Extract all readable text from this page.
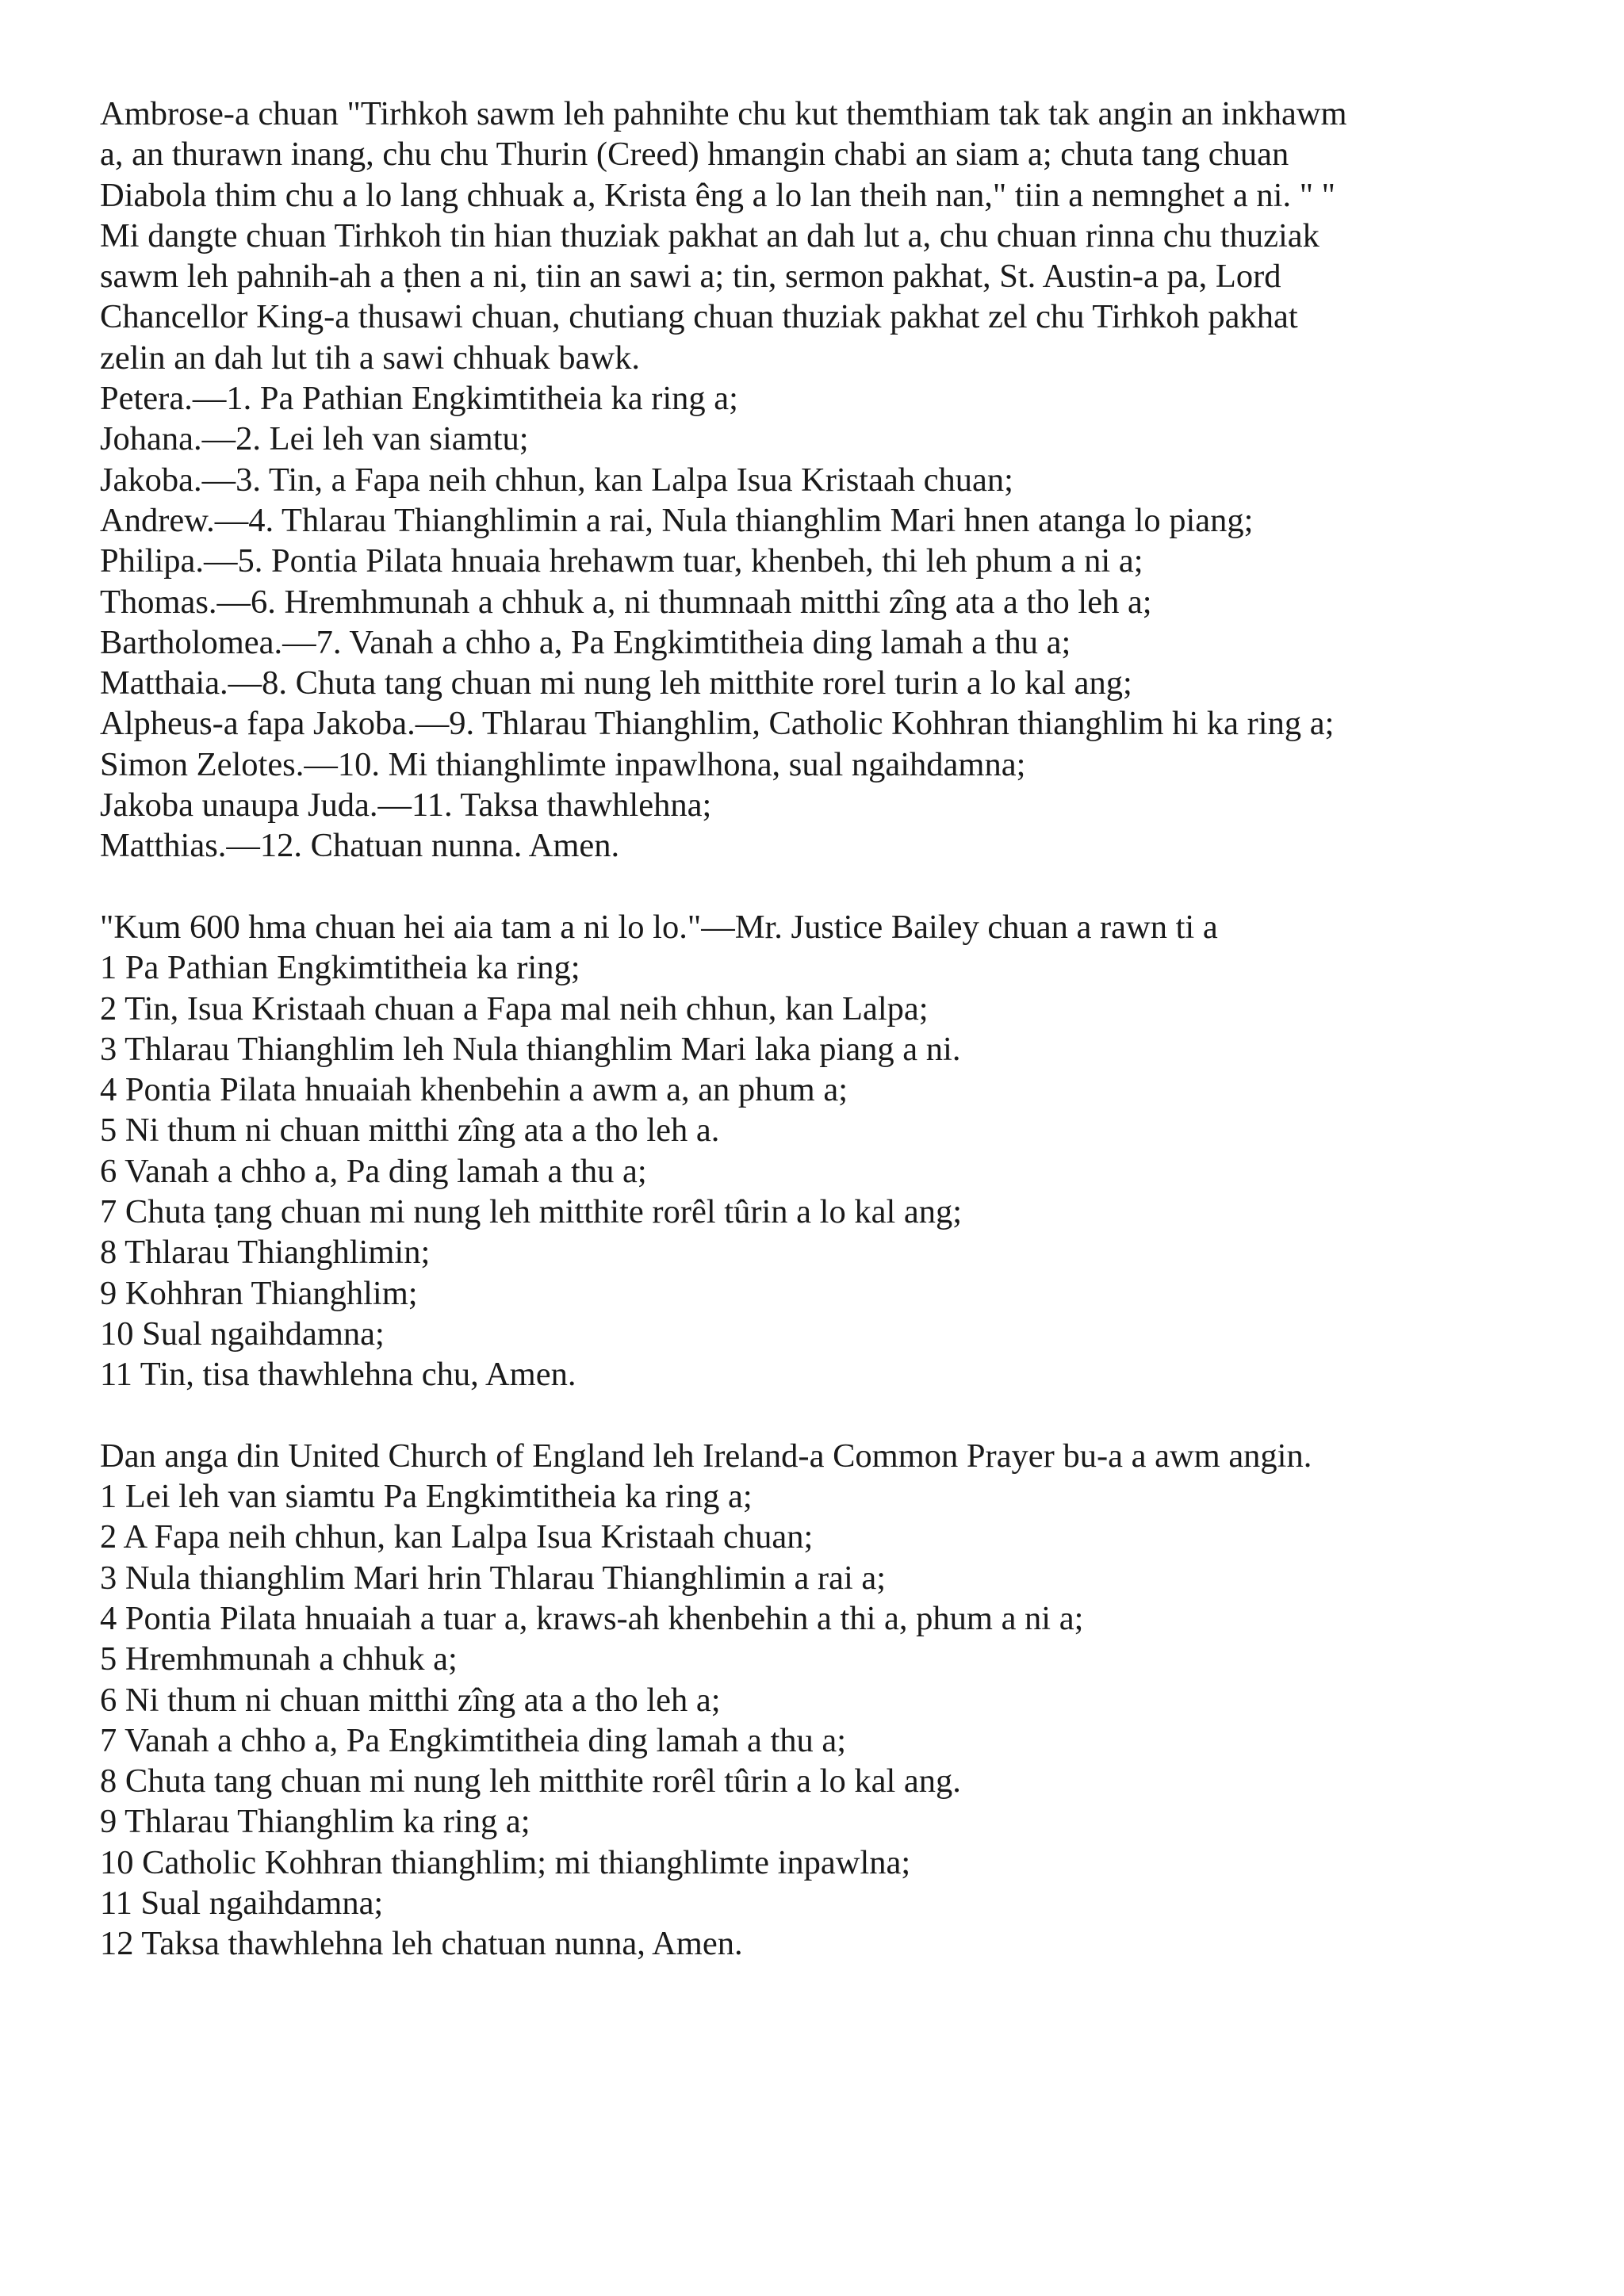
Ambrose-a chuan "Tirhkoh sawm leh pahnihte chu kut themthiam tak tak angin an inkhawm
a, an thurawn inang, chu chu Thurin (Creed) hmangin chabi an siam a; chuta tang chuan
Diabola thim chu a lo lang chhuak a, Krista êng a lo lan theih nan," tiin a nemnghet a ni. " "
Mi dangte chuan Tirhkoh tin hian thuziak pakhat an dah lut a, chu chuan rinna chu thuziak
sawm leh pahnih-ah a ṭhen a ni, tiin an sawi a; tin, sermon pakhat, St. Austin-a pa, Lord
Chancellor King-a thusawi chuan, chutiang chuan thuziak pakhat zel chu Tirhkoh pakhat
zelin an dah lut tih a sawi chhuak bawk.
Petera.—1. Pa Pathian Engkimtitheia ka ring a;
Johana.—2. Lei leh van siamtu;
Jakoba.—3. Tin, a Fapa neih chhun, kan Lalpa Isua Kristaah chuan;
Andrew.—4. Thlarau Thianghlimin a rai, Nula thianghlim Mari hnen atanga lo piang;
Philipa.—5. Pontia Pilata hnuaia hrehawm tuar, khenbeh, thi leh phum a ni a;
Thomas.—6. Hremhmunah a chhuk a, ni thumnaah mitthi zîng ata a tho leh a;
Bartholomea.—7. Vanah a chho a, Pa Engkimtitheia ding lamah a thu a;
Matthaia.—8. Chuta tang chuan mi nung leh mitthite rorel turin a lo kal ang;
Alpheus-a fapa Jakoba.—9. Thlarau Thianghlim, Catholic Kohhran thianghlim hi ka ring a;
Simon Zelotes.—10. Mi thianghlimte inpawlhona, sual ngaihdamna;
Jakoba unaupa Juda.—11. Taksa thawhlehna;
Matthias.—12. Chatuan nunna. Amen.
"Kum 600 hma chuan hei aia tam a ni lo lo."—Mr. Justice Bailey chuan a rawn ti a
1 Pa Pathian Engkimtitheia ka ring;
2 Tin, Isua Kristaah chuan a Fapa mal neih chhun, kan Lalpa;
3 Thlarau Thianghlim leh Nula thianghlim Mari laka piang a ni.
4 Pontia Pilata hnuaiah khenbehin a awm a, an phum a;
5 Ni thum ni chuan mitthi zîng ata a tho leh a.
6 Vanah a chho a, Pa ding lamah a thu a;
7 Chuta ṭang chuan mi nung leh mitthite rorêl tûrin a lo kal ang;
8 Thlarau Thianghlimin;
9 Kohhran Thianghlim;
10 Sual ngaihdamna;
11 Tin, tisa thawhlehna chu, Amen.
Dan anga din United Church of England leh Ireland-a Common Prayer bu-a a awm angin.
1 Lei leh van siamtu Pa Engkimtitheia ka ring a;
2 A Fapa neih chhun, kan Lalpa Isua Kristaah chuan;
3 Nula thianghlim Mari hrin Thlarau Thianghlimin a rai a;
4 Pontia Pilata hnuaiah a tuar a, kraws-ah khenbehin a thi a, phum a ni a;
5 Hremhmunah a chhuk a;
6 Ni thum ni chuan mitthi zîng ata a tho leh a;
7 Vanah a chho a, Pa Engkimtitheia ding lamah a thu a;
8 Chuta tang chuan mi nung leh mitthite rorêl tûrin a lo kal ang.
9 Thlarau Thianghlim ka ring a;
10 Catholic Kohhran thianghlim; mi thianghlimte inpawlna;
11 Sual ngaihdamna;
12 Taksa thawhlehna leh chatuan nunna, Amen.
